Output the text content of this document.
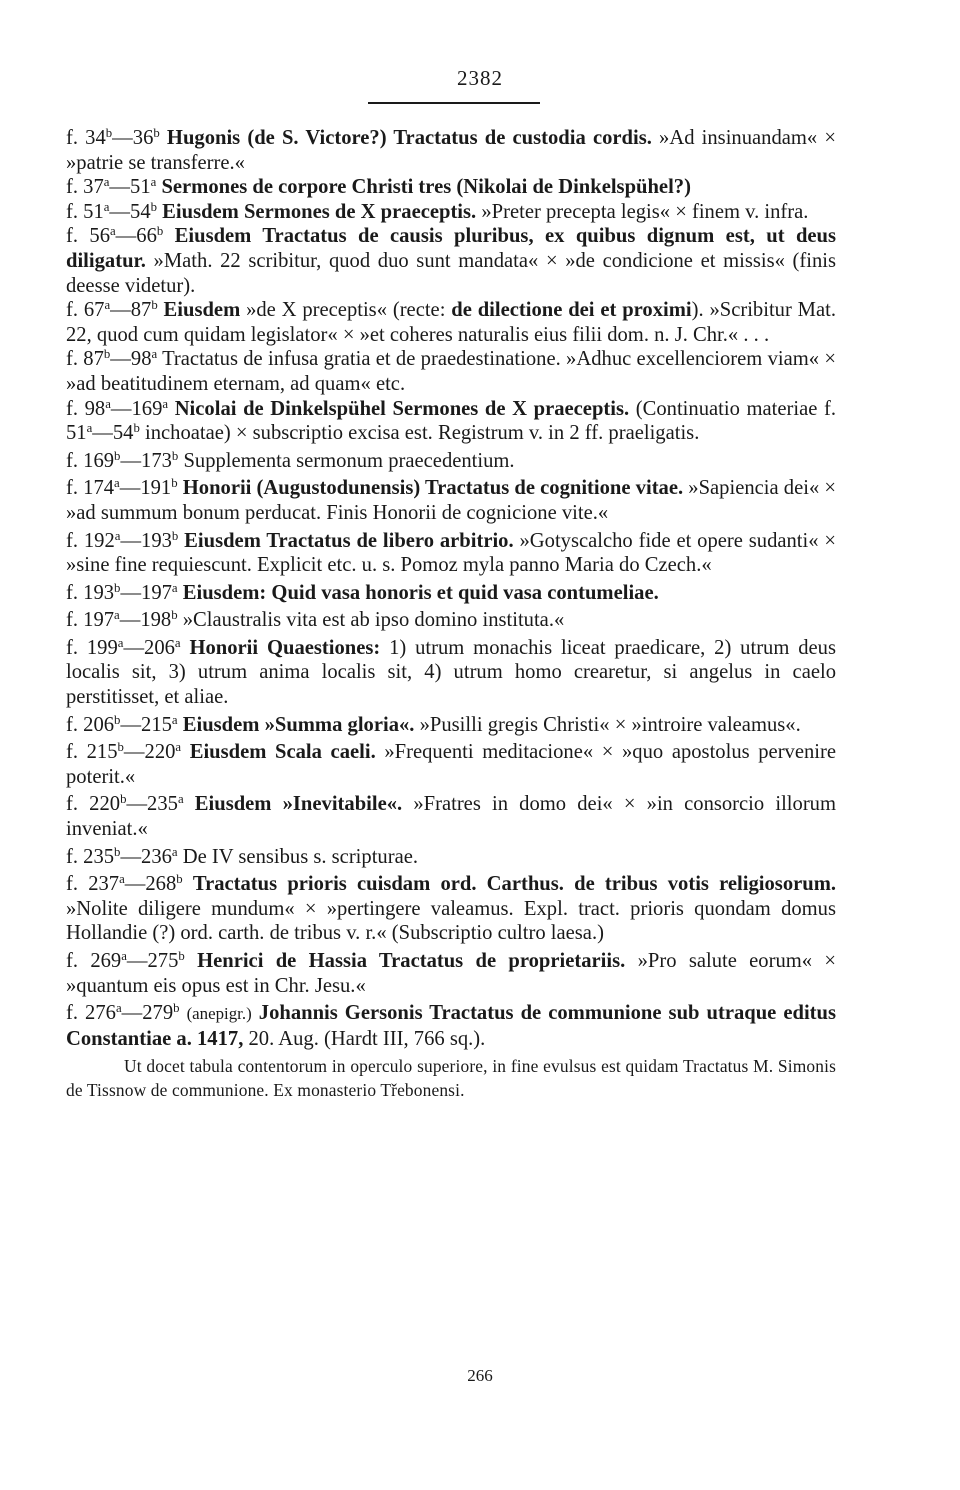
2382

f. 34$^b$—36$^b$ Hugonis (de S. Victore?) Tractatus de custodia cordis. »Ad insinuandam« × »patrie se transferre.«

f. 37$^a$—51$^a$ Sermones de corpore Christi tres (Nikolai de Dinkelspühel?)

f. 51$^a$—54$^b$ Eiusdem Sermones de X praeceptis. »Preter precepta legis« × finem v. infra.

f. 56$^a$—66$^b$ Eiusdem Tractatus de causis pluribus, ex quibus dignum est, ut deus diligatur. »Math. 22 scribitur, quod duo sunt mandata« × »de condicione et missis« (finis deesse videtur).

f. 67$^a$—87$^b$ Eiusdem »de X preceptis« (recte: de dilectione dei et proximi). »Scribitur Mat. 22, quod cum quidam legislator« × »et coheres naturalis eius filii dom. n. J. Chr.« . . .

f. 87$^b$—98$^a$ Tractatus de infusa gratia et de praedestinatione. »Adhuc excellenciorem viam« × »ad beatitudinem eternam, ad quam« etc.

f. 98$^a$—169$^a$ Nicolai de Dinkelspühel Sermones de X praeceptis. (Continuatio materiae f. 51$^a$—54$^b$ inchoatae) × subscriptio excisa est. Registrum v. in 2 ff. praeligatis.

f. 169$^b$—173$^b$ Supplementa sermonum praecedentium.

f. 174$^a$—191$^b$ Honorii (Augustodunensis) Tractatus de cognitione vitae. »Sapiencia dei« × »ad summum bonum perducat. Finis Honorii de cognicione vite.«

f. 192$^a$—193$^b$ Eiusdem Tractatus de libero arbitrio. »Gotyscalcho fide et opere sudanti« × »sine fine requiescunt. Explicit etc. u. s. Pomoz myla panno Maria do Czech.«

f. 193$^b$—197$^a$ Eiusdem: Quid vasa honoris et quid vasa contumeliae.

f. 197$^a$—198$^b$ »Claustralis vita est ab ipso domino instituta.«

f. 199$^a$—206$^a$ Honorii Quaestiones: 1) utrum monachis liceat praedicare, 2) utrum deus localis sit, 3) utrum anima localis sit, 4) utrum homo crearetur, si angelus in caelo perstitisset, et aliae.

f. 206$^b$—215$^a$ Eiusdem »Summa gloria«. »Pusilli gregis Christi« × »introire valeamus«.

f. 215$^b$—220$^a$ Eiusdem Scala caeli. »Frequenti meditacione« × »quo apostolus pervenire poterit.«

f. 220$^b$—235$^a$ Eiusdem »Inevitabile«. »Fratres in domo dei« × »in consorcio illorum inveniat.«

f. 235$^b$—236$^a$ De IV sensibus s. scripturae.

f. 237$^a$—268$^b$ Tractatus prioris cuisdam ord. Carthus. de tribus votis religiosorum. »Nolite diligere mundum« × »pertingere valeamus. Expl. tract. prioris quondam domus Hollandie (?) ord. carth. de tribus v. r.« (Subscriptio cultro laesa.)

f. 269$^a$—275$^b$ Henrici de Hassia Tractatus de proprietariis. »Pro salute eorum« × »quantum eis opus est in Chr. Jesu.«

f. 276$^a$—279$^b$ (anepigr.) Johannis Gersonis Tractatus de communione sub utraque editus Constantiae a. 1417, 20. Aug. (Hardt III, 766 sq.).

Ut docet tabula contentorum in operculo superiore, in fine evulsus est quidam Tractatus M. Simonis de Tissnow de communione. Ex monasterio Třebonensi.

266
